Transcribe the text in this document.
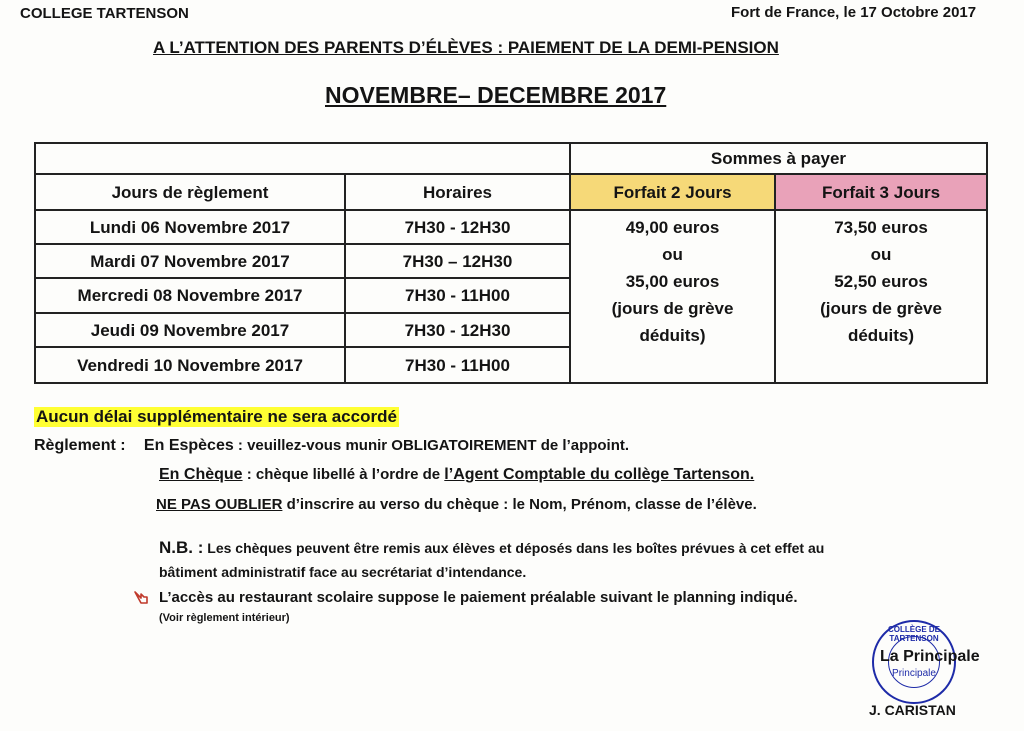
COLLEGE TARTENSON	Fort de France, le 17 Octobre 2017
A L’ATTENTION DES PARENTS D’ÉLÈVES : PAIEMENT DE LA DEMI-PENSION
NOVEMBRE– DECEMBRE 2017
Sommes à payer
Jours de règlement	Horaires	Forfait 2 Jours	Forfait 3 Jours
Lundi 06 Novembre 2017	7H30 - 12H30
Mardi 07 Novembre 2017	7H30 – 12H30
Mercredi 08 Novembre 2017	7H30 - 11H00
Jeudi 09 Novembre 2017	7H30 - 12H30
Vendredi 10 Novembre 2017	7H30 - 11H00
49,00 euros
ou
35,00 euros
(jours de grève
déduits)
73,50 euros
ou
52,50 euros
(jours de grève
déduits)
Aucun délai supplémentaire ne sera accordé
Règlement : En Espèces : veuillez-vous munir OBLIGATOIREMENT de l’appoint.
En Chèque : chèque libellé à l’ordre de l’Agent Comptable du collège Tartenson.
NE PAS OUBLIER d’inscrire au verso du chèque : le Nom, Prénom, classe de l’élève.
N.B. : Les chèques peuvent être remis aux élèves et déposés dans les boîtes prévues à cet effet au
bâtiment administratif face au secrétariat d’intendance.
L’accès au restaurant scolaire suppose le paiement préalable suivant le planning indiqué.
(Voir règlement intérieur)
COLLÈGE DE TARTENSON
Principale
La Principale
J. CARISTAN
